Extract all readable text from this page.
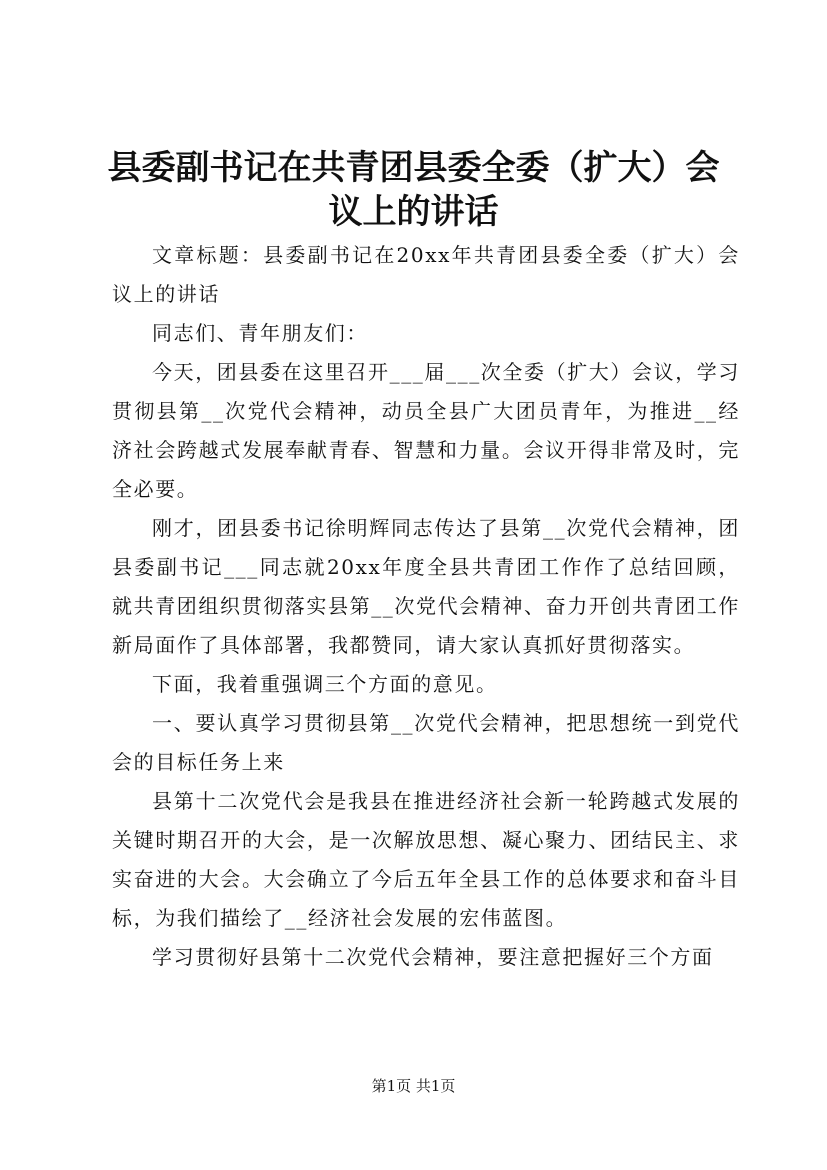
县委副书记在共青团县委全委（扩大）会议上的讲话

文章标题：县委副书记在20xx年共青团县委全委（扩大）会议上的讲话

同志们、青年朋友们：

今天，团县委在这里召开___届___次全委（扩大）会议，学习贯彻县第__次党代会精神，动员全县广大团员青年，为推进__经济社会跨越式发展奉献青春、智慧和力量。会议开得非常及时，完全必要。

刚才，团县委书记徐明辉同志传达了县第__次党代会精神，团县委副书记___同志就20xx年度全县共青团工作作了总结回顾，就共青团组织贯彻落实县第__次党代会精神、奋力开创共青团工作新局面作了具体部署，我都赞同，请大家认真抓好贯彻落实。

下面，我着重强调三个方面的意见。

一、要认真学习贯彻县第__次党代会精神，把思想统一到党代会的目标任务上来

县第十二次党代会是我县在推进经济社会新一轮跨越式发展的关键时期召开的大会，是一次解放思想、凝心聚力、团结民主、求实奋进的大会。大会确立了今后五年全县工作的总体要求和奋斗目标，为我们描绘了__经济社会发展的宏伟蓝图。

学习贯彻好县第十二次党代会精神，要注意把握好三个方面

第1页 共1页
